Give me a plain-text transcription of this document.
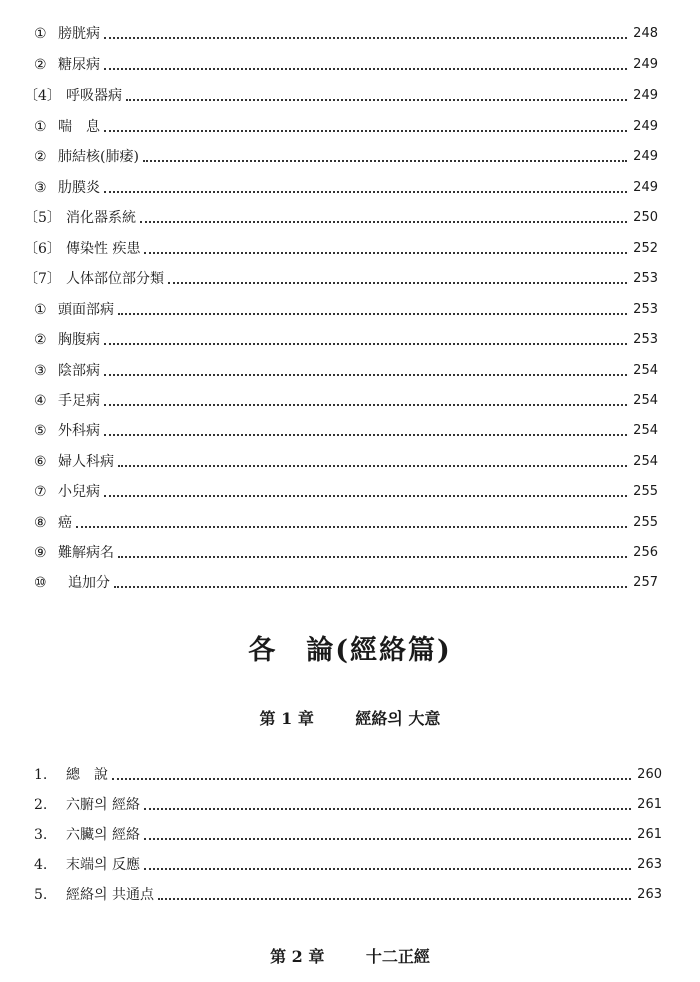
① 膀胱病	248
② 糖尿病	249
〔4〕 呼吸器病	249
① 喘　息	249
② 肺結核(肺痿)	249
③ 肋膜炎	249
〔5〕 消化器系統	250
〔6〕 傳染性 疾患	252
〔7〕 人体部位部分類	253
① 頭面部病	253
② 胸腹病	253
③ 陰部病	254
④ 手足病	254
⑤ 外科病	254
⑥ 婦人科病	254
⑦ 小兒病	255
⑧ 癌	255
⑨ 難解病名	256
⑩	追加分	257
各　論(經絡篇)
第 1 章	經絡의 大意
1.	總　說	260
2.	六腑의 經絡	261
3.	六臟의 經絡	261
4.	末端의 反應	263
5.	經絡의 共通点	263
第 2 章	十二正經
